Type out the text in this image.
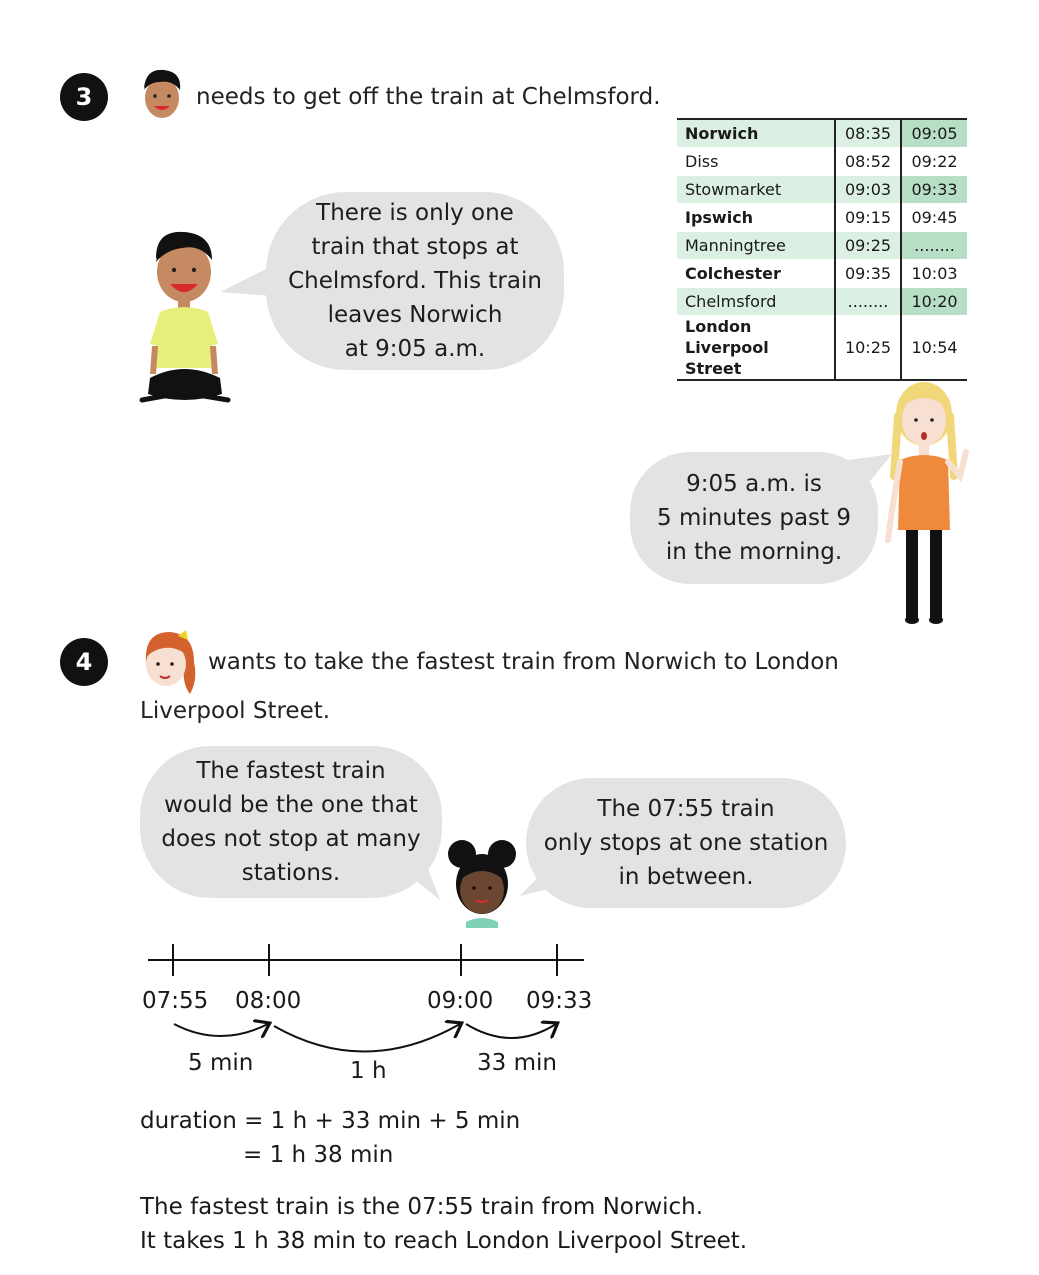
3	needs to get off the train at Chelmsford.
There is only one
train that stops at
Chelmsford. This train
leaves Norwich
at 9:05 a.m.
Norwich	08:35	09:05
Diss	08:52	09:22
Stowmarket	09:03	09:33
Ipswich	09:15	09:45
Manningtree	09:25	........
Colchester	09:35	10:03
Chelmsford	........	10:20
London
Liverpool Street	10:25	10:54
9:05 a.m. is
5 minutes past 9
in the morning.
4	wants to take the fastest train from Norwich to London
Liverpool Street.
The fastest train
would be the one that
does not stop at many
stations.
The 07:55 train
only stops at one station
in between.
07:55 08:00	09:00 09:33
5 min	1 h	33 min
duration = 1 h + 33 min + 5 min
= 1 h 38 min
The fastest train is the 07:55 train from Norwich.
It takes 1 h 38 min to reach London Liverpool Street.
